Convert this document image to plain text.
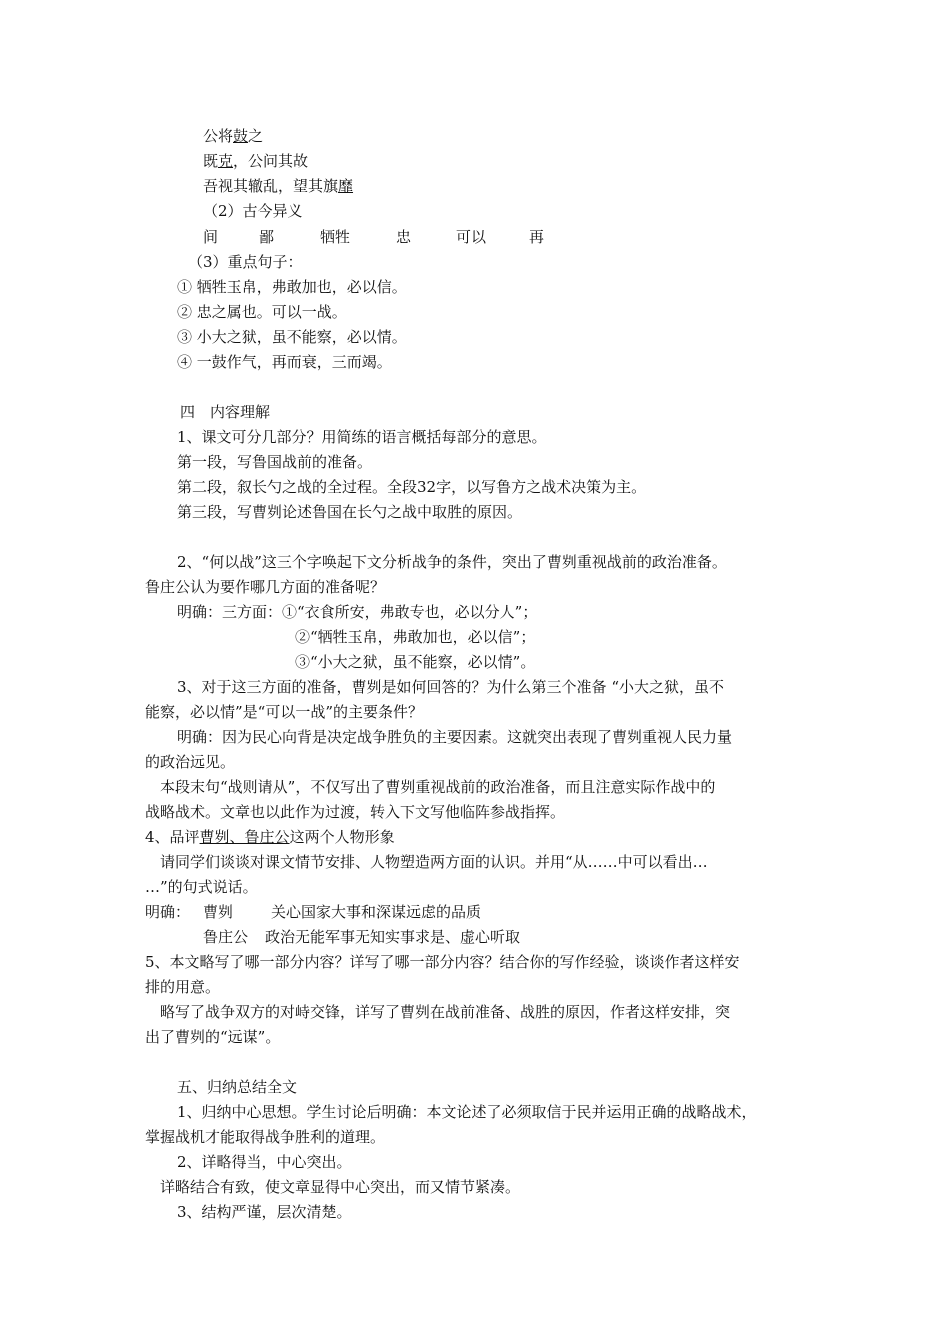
公将鼓之
既克，公问其故
吾视其辙乱，望其旗靡
（2）古今异义
间	鄙	牺牲	忠	可以	再
（3）重点句子：
① 牺牲玉帛，弗敢加也，必以信。
② 忠之属也。可以一战。
③ 小大之狱，虽不能察，必以情。
④ 一鼓作气，再而衰，三而竭。
四　内容理解
1、课文可分几部分？用简练的语言概括每部分的意思。
第一段，写鲁国战前的准备。
第二段，叙长勺之战的全过程。全段32字，以写鲁方之战术决策为主。
第三段，写曹刿论述鲁国在长勺之战中取胜的原因。
2、“何以战”这三个字唤起下文分析战争的条件，突出了曹刿重视战前的政治准备。
鲁庄公认为要作哪几方面的准备呢？
明确：三方面：①“衣食所安，弗敢专也，必以分人”；
②“牺牲玉帛，弗敢加也，必以信”；
③“小大之狱，虽不能察，必以情”。
3、对于这三方面的准备，曹刿是如何回答的？为什么第三个准备 “小大之狱，虽不
能察，必以情”是“可以一战”的主要条件？
明确：因为民心向背是决定战争胜负的主要因素。这就突出表现了曹刿重视人民力量
的政治远见。
本段末句“战则请从”，不仅写出了曹刿重视战前的政治准备，而且注意实际作战中的
战略战术。文章也以此作为过渡，转入下文写他临阵参战指挥。
4、品评曹刿、鲁庄公这两个人物形象
请同学们谈谈对课文情节安排、人物塑造两方面的认识。并用“从……中可以看出…
…”的句式说话。
明确： 曹刿	关心国家大事和深谋远虑的品质
鲁庄公 政治无能军事无知实事求是、虚心听取
5、本文略写了哪一部分内容？详写了哪一部分内容？结合你的写作经验，谈谈作者这样安
排的用意。
略写了战争双方的对峙交锋，详写了曹刿在战前准备、战胜的原因，作者这样安排，突
出了曹刿的“远谋”。
五、归纳总结全文
1、归纳中心思想。学生讨论后明确：本文论述了必须取信于民并运用正确的战略战术，
掌握战机才能取得战争胜利的道理。
2、详略得当，中心突出。
详略结合有致，使文章显得中心突出，而又情节紧凑。
3、结构严谨，层次清楚。
